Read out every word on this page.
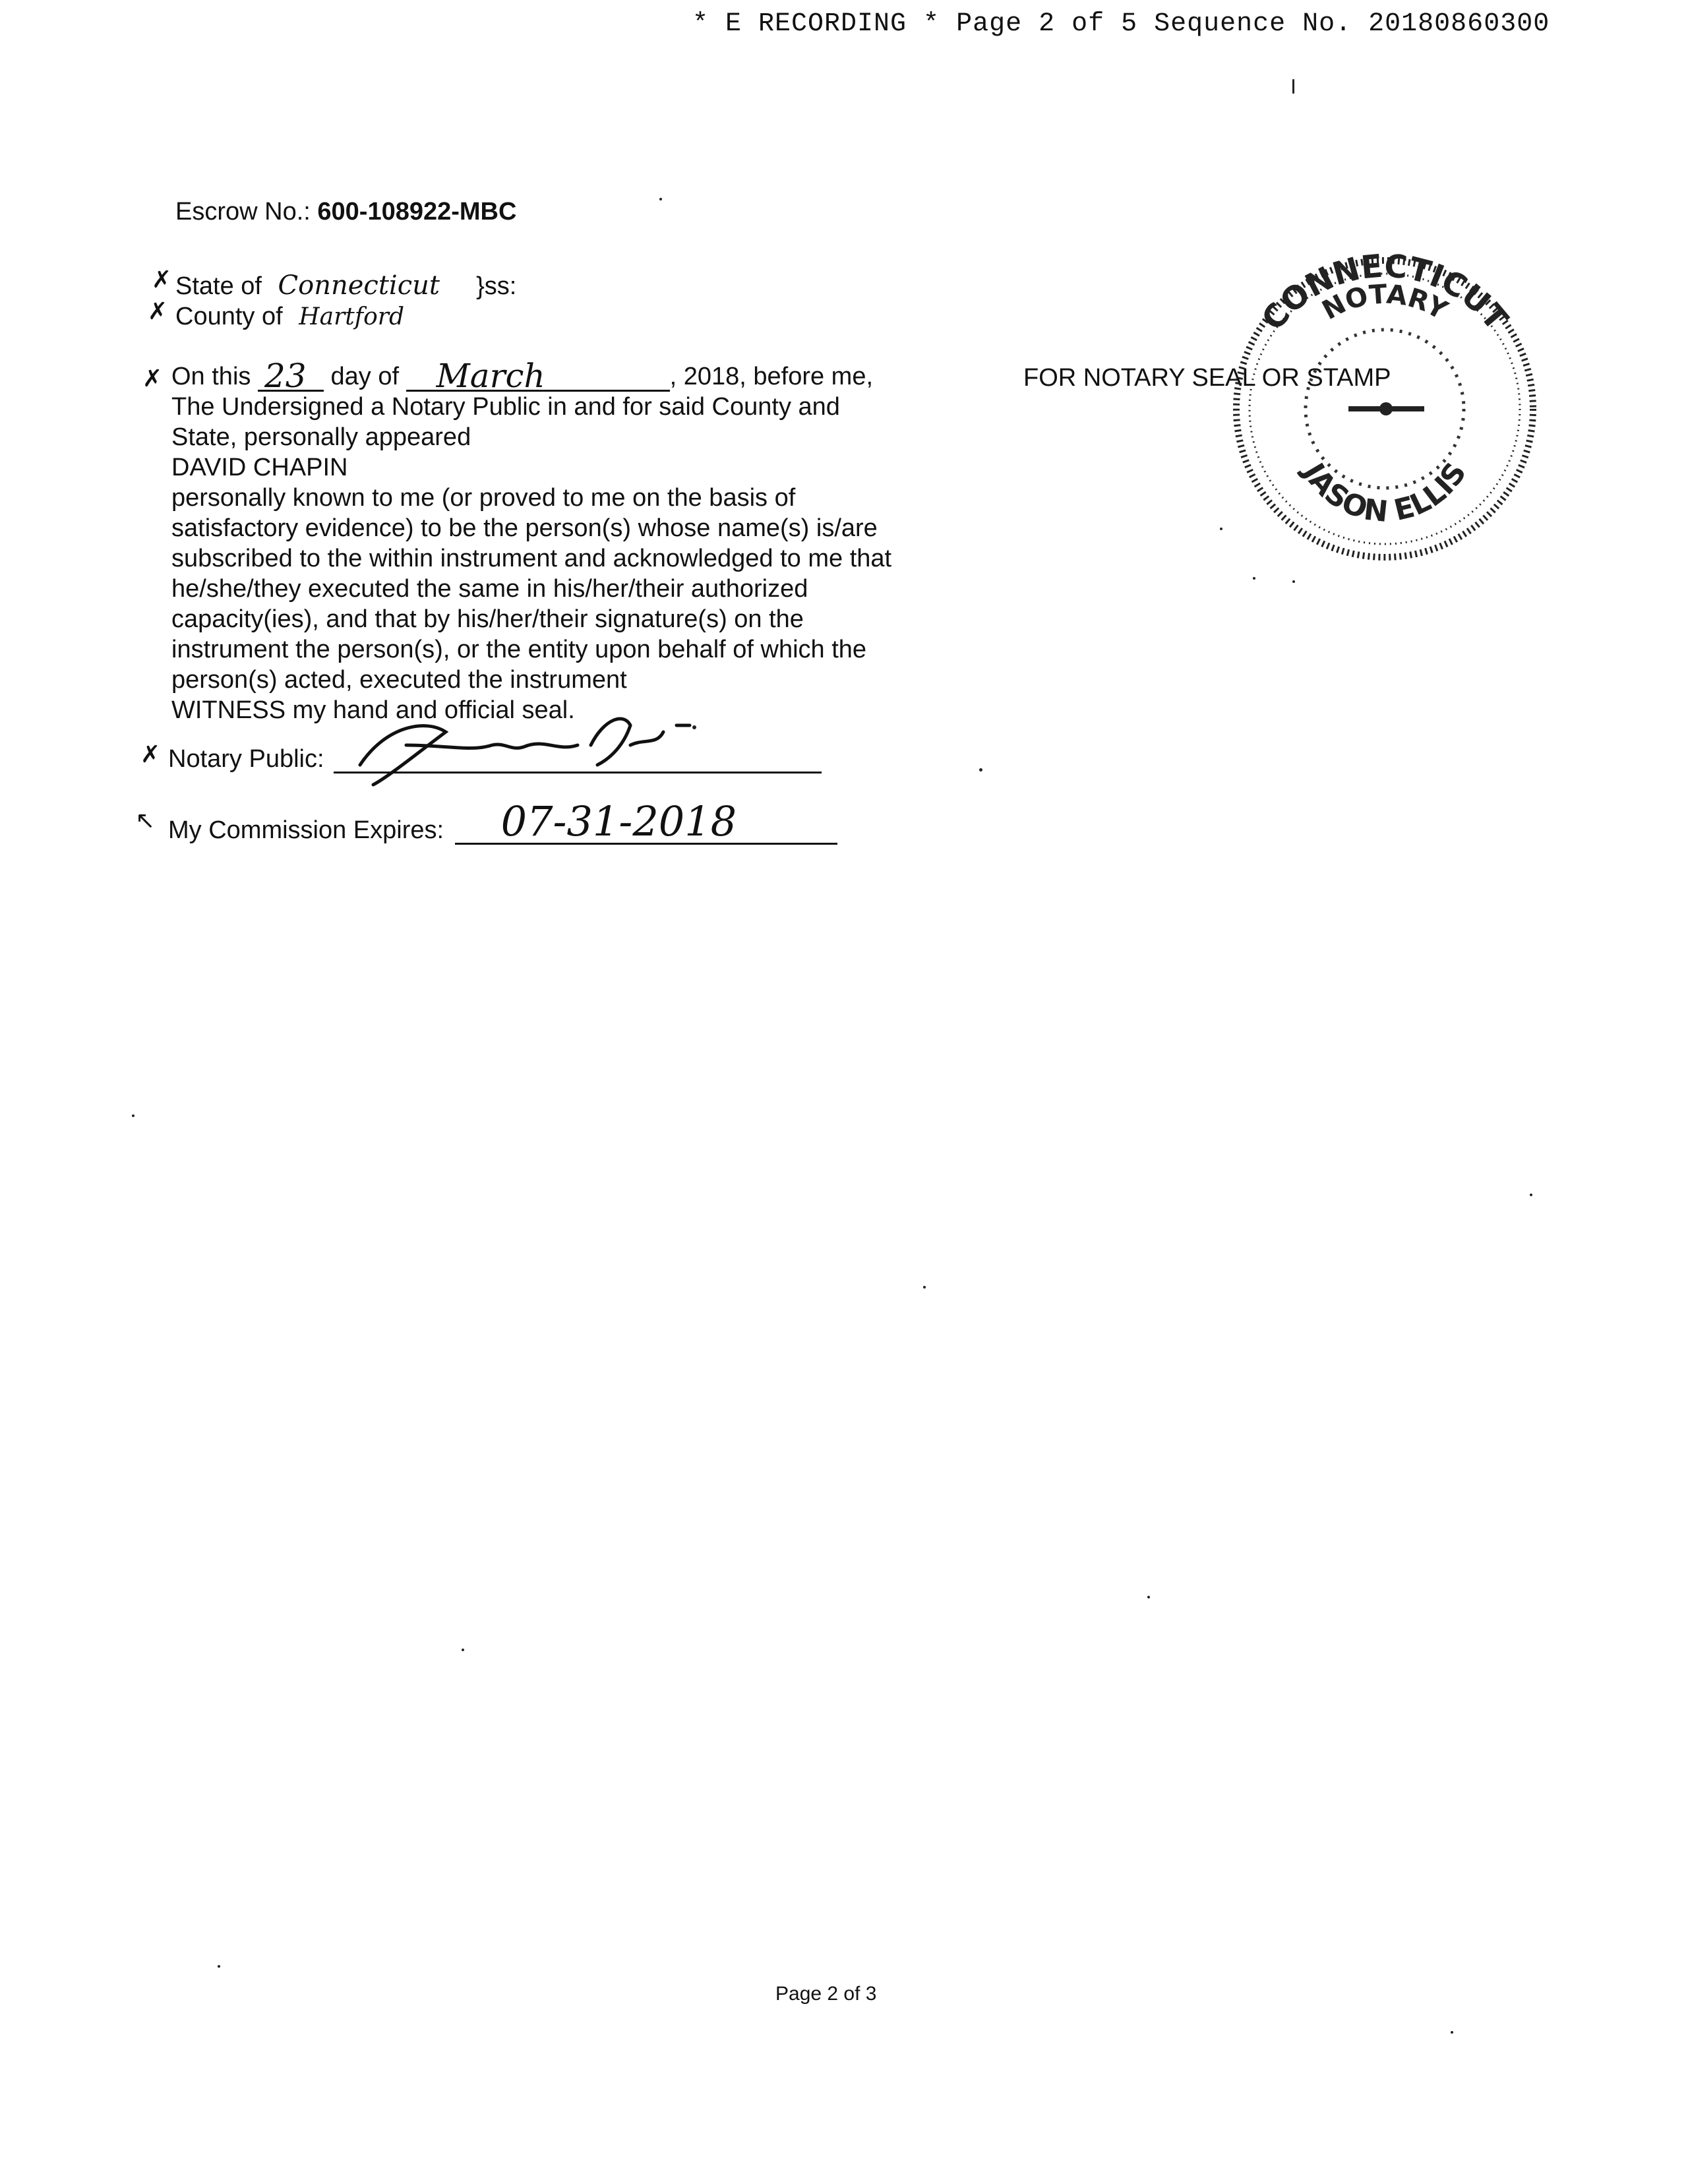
* E RECORDING * Page 2 of 5 Sequence No. 20180860300
Escrow No.: 600-108922-MBC
✗ State of Connecticut }ss:

✗ County of Hartford
✗ On this 23 day of March	, 2018, before me,
The Undersigned a Notary Public in and for said County and
State, personally appeared
DAVID CHAPIN
personally known to me (or proved to me on the basis of
satisfactory evidence) to be the person(s) whose name(s) is/are
subscribed to the within instrument and acknowledged to me that
he/she/they executed the same in his/her/their authorized
capacity(ies), and that by his/her/their signature(s) on the
instrument the person(s), or the entity upon behalf of which the
person(s) acted, executed the instrument
WITNESS my hand and official seal.
FOR NOTARY SEAL OR STAMP
CONNECTICUT
NOTARY
JASON ELLIS
✗ Notary Public:
↖ My Commission Expires: 07-31-2018
Page 2 of 3
